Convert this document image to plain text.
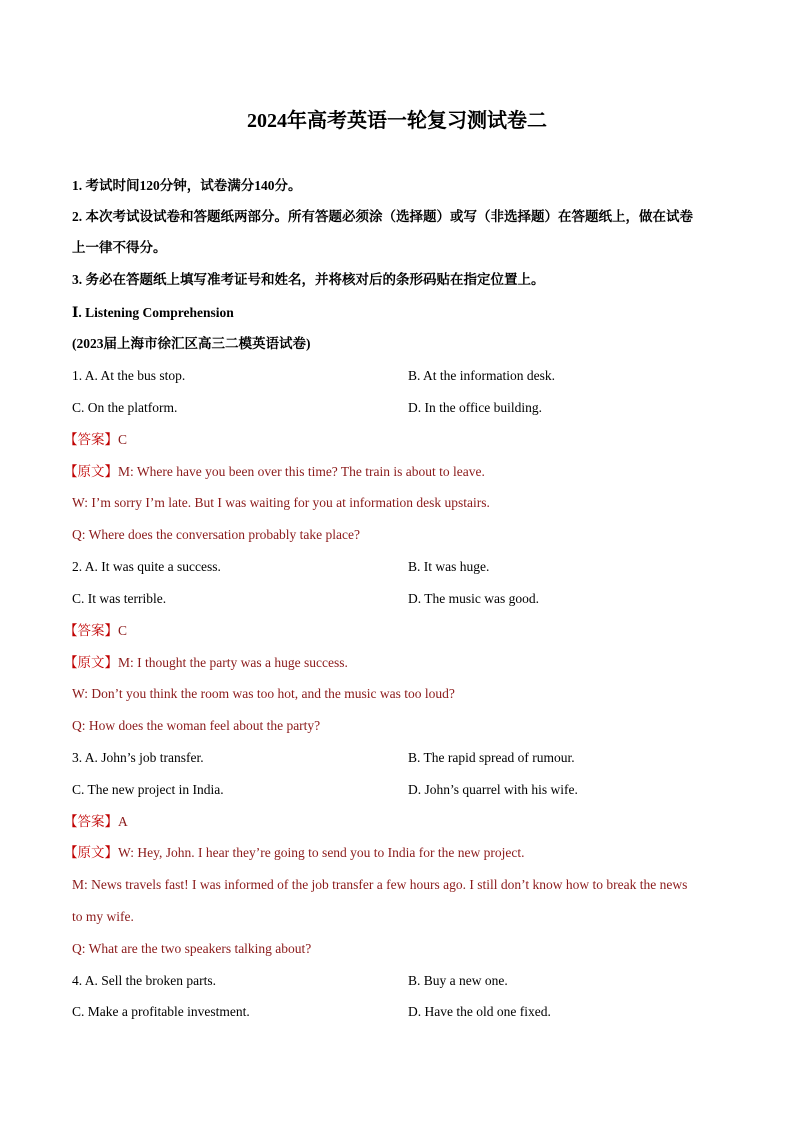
2024年高考英语一轮复习测试卷二
1. 考试时间120分钟，试卷满分140分。
2. 本次考试设试卷和答题纸两部分。所有答题必须涂（选择题）或写（非选择题）在答题纸上，做在试卷
上一律不得分。
3. 务必在答题纸上填写准考证号和姓名，并将核对后的条形码贴在指定位置上。
Ⅰ. Listening Comprehension
(2023届上海市徐汇区高三二模英语试卷)
1. A. At the bus stop.	B. At the information desk.
C. On the platform.	D. In the office building.
【答案】C
【原文】M: Where have you been over this time? The train is about to leave.
W: I’m sorry I’m late. But I was waiting for you at information desk upstairs.
Q: Where does the conversation probably take place?
2. A. It was quite a success.	B. It was huge.
C. It was terrible.	D. The music was good.
【答案】C
【原文】M: I thought the party was a huge success.
W: Don’t you think the room was too hot, and the music was too loud?
Q: How does the woman feel about the party?
3. A. John’s job transfer.	B. The rapid spread of rumour.
C. The new project in India.	D. John’s quarrel with his wife.
【答案】A
【原文】W: Hey, John. I hear they’re going to send you to India for the new project.
M: News travels fast! I was informed of the job transfer a few hours ago. I still don’t know how to break the news
to my wife.
Q: What are the two speakers talking about?
4. A. Sell the broken parts.	B. Buy a new one.
C. Make a profitable investment.	D. Have the old one fixed.
